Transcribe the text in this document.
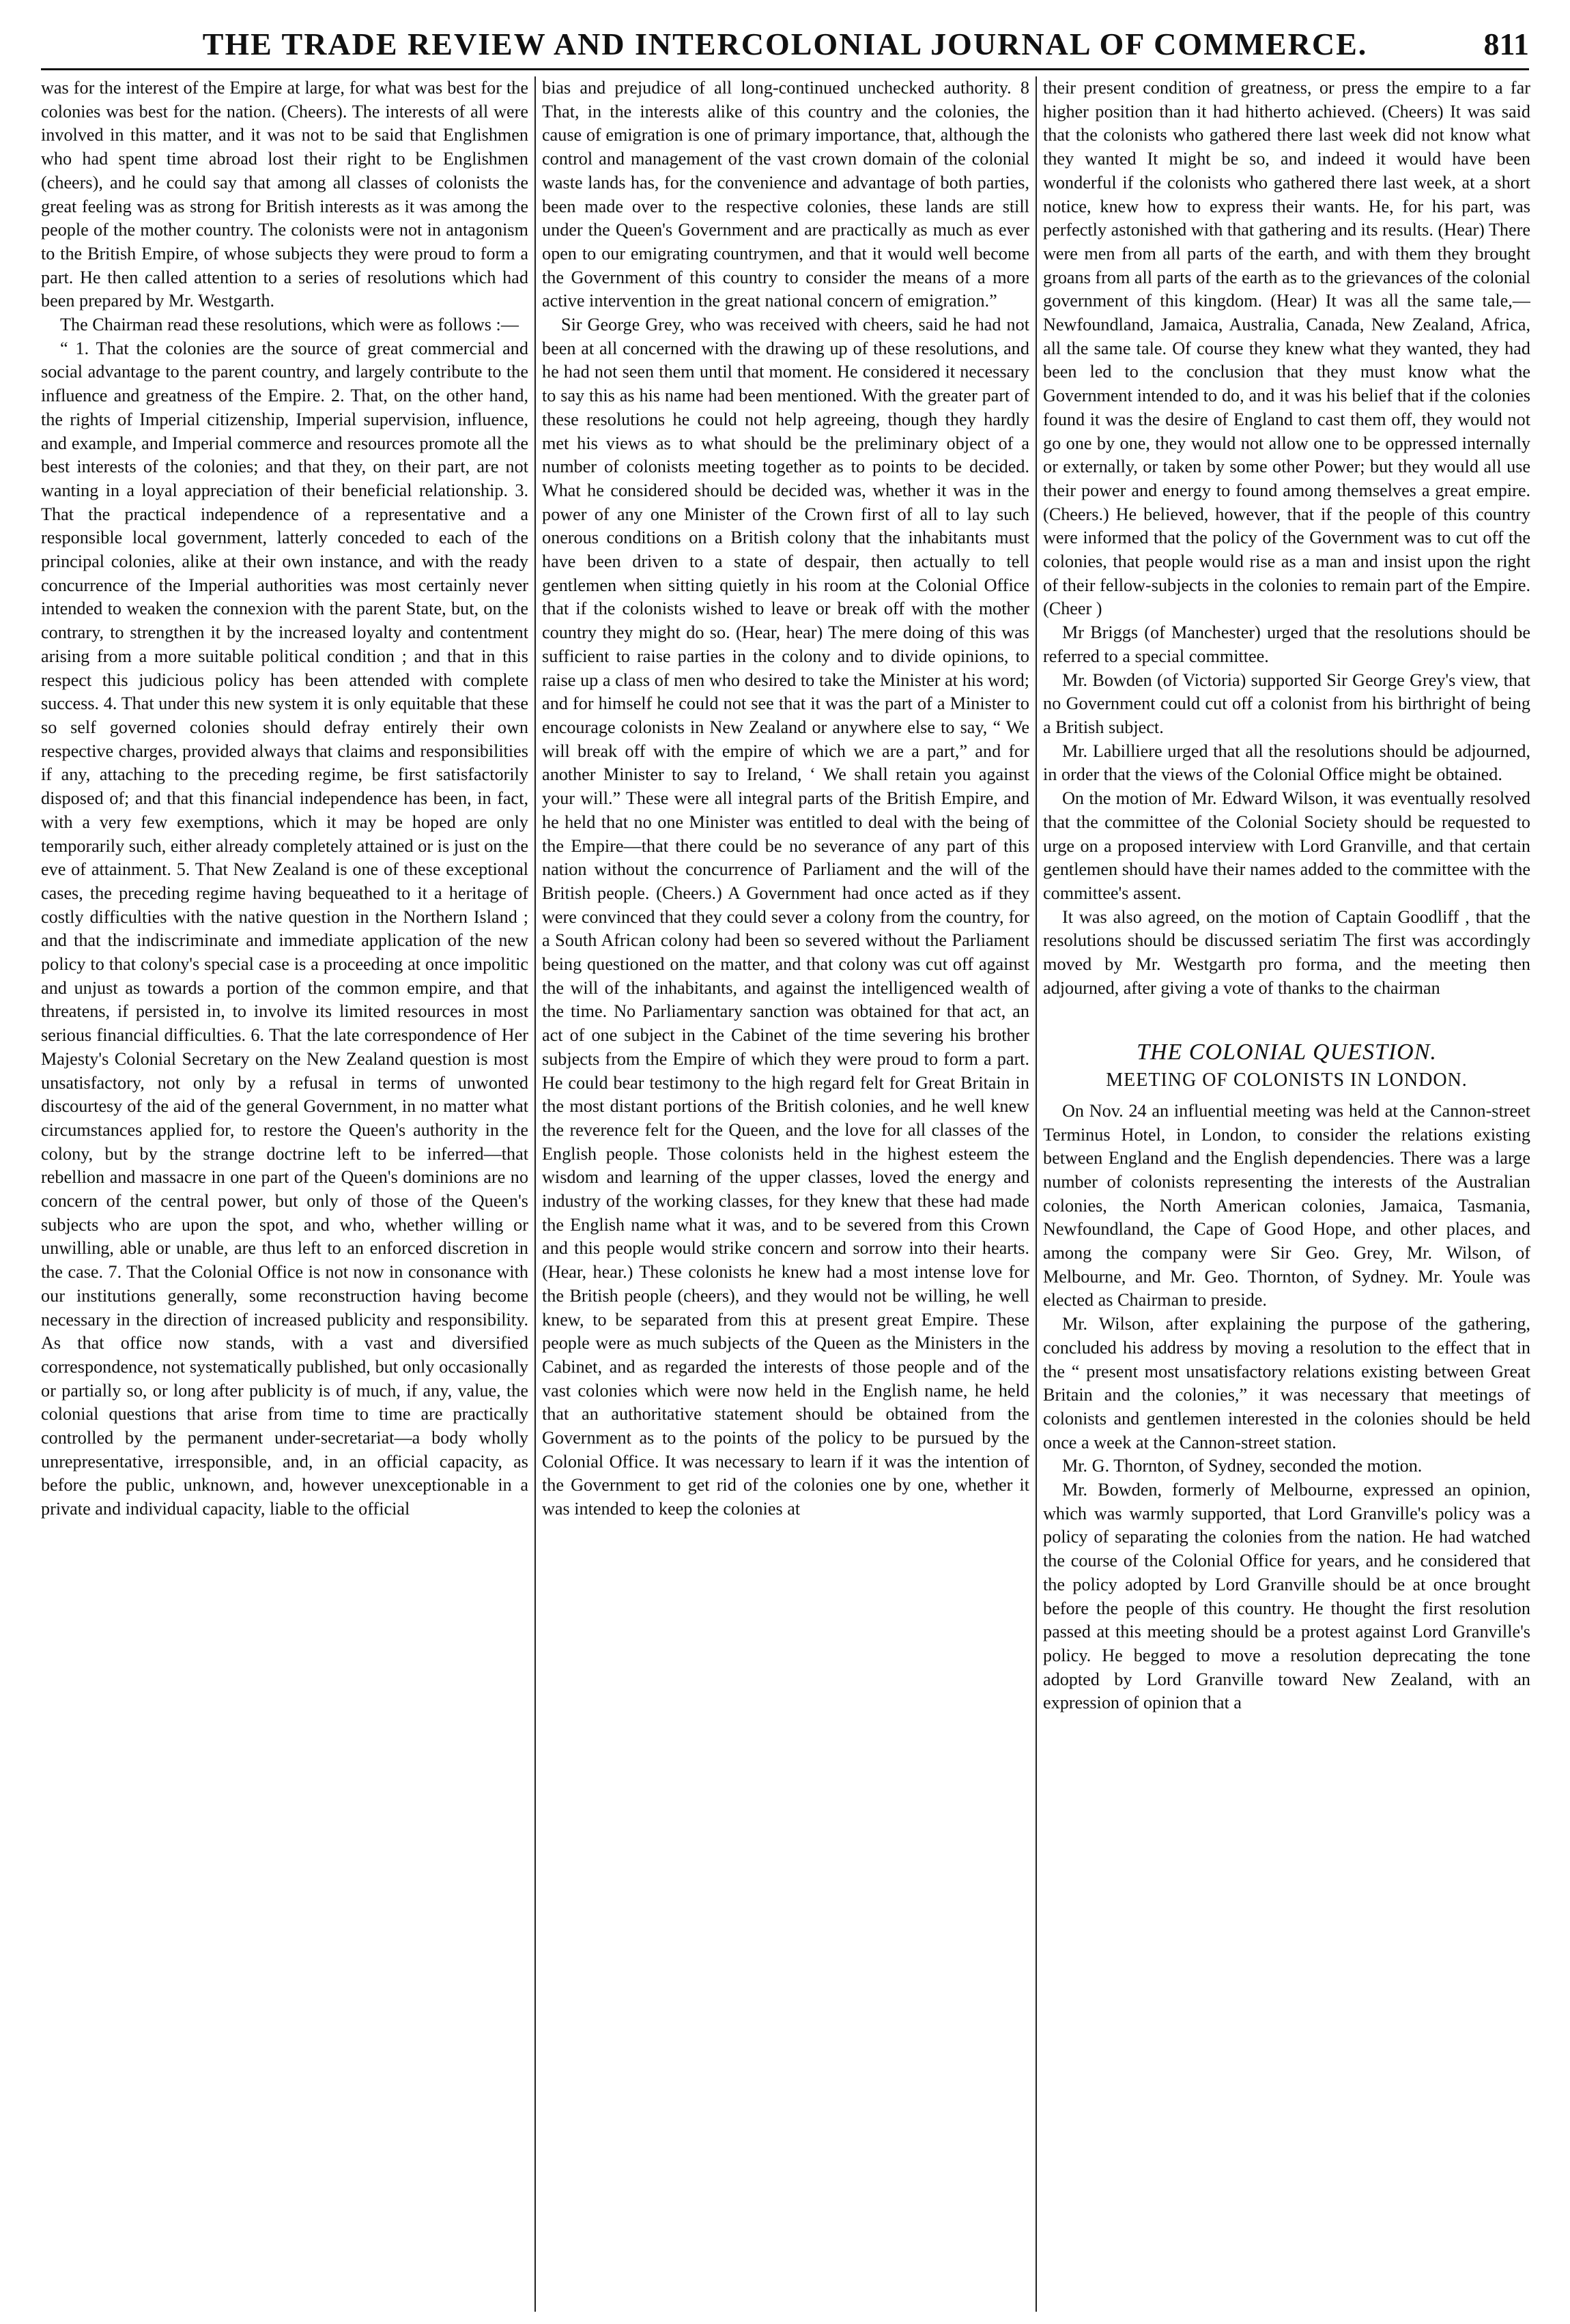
THE TRADE REVIEW AND INTERCOLONIAL JOURNAL OF COMMERCE.	811

was for the interest of the Empire at large, for what was best for the colonies was best for the nation. (Cheers). The interests of all were involved in this matter, and it was not to be said that Englishmen who had spent time abroad lost their right to be Englishmen (cheers), and he could say that among all classes of colonists the great feeling was as strong for British interests as it was among the people of the mother country. The colonists were not in antagonism to the British Empire, of whose subjects they were proud to form a part. He then called attention to a series of resolutions which had been prepared by Mr. Westgarth.

The Chairman read these resolutions, which were as follows :—

“ 1. That the colonies are the source of great commercial and social advantage to the parent country, and largely contribute to the influence and greatness of the Empire. 2. That, on the other hand, the rights of Imperial citizenship, Imperial supervision, influence, and example, and Imperial commerce and resources promote all the best interests of the colonies; and that they, on their part, are not wanting in a loyal appreciation of their beneficial relationship. 3. That the practical independence of a representative and a responsible local government, latterly conceded to each of the principal colonies, alike at their own instance, and with the ready concurrence of the Imperial authorities was most certainly never intended to weaken the connexion with the parent State, but, on the contrary, to strengthen it by the increased loyalty and contentment arising from a more suitable political condition ; and that in this respect this judicious policy has been attended with complete success. 4. That under this new system it is only equitable that these so self governed colonies should defray entirely their own respective charges, provided always that claims and responsibilities if any, attaching to the preceding regime, be first satisfactorily disposed of; and that this financial independence has been, in fact, with a very few exemptions, which it may be hoped are only temporarily such, either already completely attained or is just on the eve of attainment. 5. That New Zealand is one of these exceptional cases, the preceding regime having bequeathed to it a heritage of costly difficulties with the native question in the Northern Island ; and that the indiscriminate and immediate application of the new policy to that colony's special case is a proceeding at once impolitic and unjust as towards a portion of the common empire, and that threatens, if persisted in, to involve its limited resources in most serious financial difficulties. 6. That the late correspondence of Her Majesty's Colonial Secretary on the New Zealand question is most unsatisfactory, not only by a refusal in terms of unwonted discourtesy of the aid of the general Government, in no matter what circumstances applied for, to restore the Queen's authority in the colony, but by the strange doctrine left to be inferred—that rebellion and massacre in one part of the Queen's dominions are no concern of the central power, but only of those of the Queen's subjects who are upon the spot, and who, whether willing or unwilling, able or unable, are thus left to an enforced discretion in the case. 7. That the Colonial Office is not now in consonance with our institutions generally, some reconstruction having become necessary in the direction of increased publicity and responsibility. As that office now stands, with a vast and diversified correspondence, not systematically published, but only occasionally or partially so, or long after publicity is of much, if any, value, the colonial questions that arise from time to time are practically controlled by the permanent under-secretariat—a body wholly unrepresentative, irresponsible, and, in an official capacity, as before the public, unknown, and, however unexceptionable in a private and individual capacity, liable to the official

bias and prejudice of all long-continued unchecked authority. 8 That, in the interests alike of this country and the colonies, the cause of emigration is one of primary importance, that, although the control and management of the vast crown domain of the colonial waste lands has, for the convenience and advantage of both parties, been made over to the respective colonies, these lands are still under the Queen's Government and are practically as much as ever open to our emigrating countrymen, and that it would well become the Government of this country to consider the means of a more active intervention in the great national concern of emigration.”

Sir George Grey, who was received with cheers, said he had not been at all concerned with the drawing up of these resolutions, and he had not seen them until that moment. He considered it necessary to say this as his name had been mentioned. With the greater part of these resolutions he could not help agreeing, though they hardly met his views as to what should be the preliminary object of a number of colonists meeting together as to points to be decided. What he considered should be decided was, whether it was in the power of any one Minister of the Crown first of all to lay such onerous conditions on a British colony that the inhabitants must have been driven to a state of despair, then actually to tell gentlemen when sitting quietly in his room at the Colonial Office that if the colonists wished to leave or break off with the mother country they might do so. (Hear, hear) The mere doing of this was sufficient to raise parties in the colony and to divide opinions, to raise up a class of men who desired to take the Minister at his word; and for himself he could not see that it was the part of a Minister to encourage colonists in New Zealand or anywhere else to say, “ We will break off with the empire of which we are a part,” and for another Minister to say to Ireland, ‘ We shall retain you against your will.” These were all integral parts of the British Empire, and he held that no one Minister was entitled to deal with the being of the Empire—that there could be no severance of any part of this nation without the concurrence of Parliament and the will of the British people. (Cheers.) A Government had once acted as if they were convinced that they could sever a colony from the country, for a South African colony had been so severed without the Parliament being questioned on the matter, and that colony was cut off against the will of the inhabitants, and against the intelligenced wealth of the time. No Parliamentary sanction was obtained for that act, an act of one subject in the Cabinet of the time severing his brother subjects from the Empire of which they were proud to form a part. He could bear testimony to the high regard felt for Great Britain in the most distant portions of the British colonies, and he well knew the reverence felt for the Queen, and the love for all classes of the English people. Those colonists held in the highest esteem the wisdom and learning of the upper classes, loved the energy and industry of the working classes, for they knew that these had made the English name what it was, and to be severed from this Crown and this people would strike concern and sorrow into their hearts. (Hear, hear.) These colonists he knew had a most intense love for the British people (cheers), and they would not be willing, he well knew, to be separated from this at present great Empire. These people were as much subjects of the Queen as the Ministers in the Cabinet, and as regarded the interests of those people and of the vast colonies which were now held in the English name, he held that an authoritative statement should be obtained from the Government as to the points of the policy to be pursued by the Colonial Office. It was necessary to learn if it was the intention of the Government to get rid of the colonies one by one, whether it was intended to keep the colonies at

their present condition of greatness, or press the empire to a far higher position than it had hitherto achieved. (Cheers) It was said that the colonists who gathered there last week did not know what they wanted It might be so, and indeed it would have been wonderful if the colonists who gathered there last week, at a short notice, knew how to express their wants. He, for his part, was perfectly astonished with that gathering and its results. (Hear) There were men from all parts of the earth, and with them they brought groans from all parts of the earth as to the grievances of the colonial government of this kingdom. (Hear) It was all the same tale,—Newfoundland, Jamaica, Australia, Canada, New Zealand, Africa, all the same tale. Of course they knew what they wanted, they had been led to the conclusion that they must know what the Government intended to do, and it was his belief that if the colonies found it was the desire of England to cast them off, they would not go one by one, they would not allow one to be oppressed internally or externally, or taken by some other Power; but they would all use their power and energy to found among themselves a great empire. (Cheers.) He believed, however, that if the people of this country were informed that the policy of the Government was to cut off the colonies, that people would rise as a man and insist upon the right of their fellow-subjects in the colonies to remain part of the Empire. (Cheer )

Mr Briggs (of Manchester) urged that the resolutions should be referred to a special committee.

Mr. Bowden (of Victoria) supported Sir George Grey's view, that no Government could cut off a colonist from his birthright of being a British subject.

Mr. Labilliere urged that all the resolutions should be adjourned, in order that the views of the Colonial Office might be obtained.

On the motion of Mr. Edward Wilson, it was eventually resolved that the committee of the Colonial Society should be requested to urge on a proposed interview with Lord Granville, and that certain gentlemen should have their names added to the committee with the committee's assent.

It was also agreed, on the motion of Captain Goodliff , that the resolutions should be discussed seriatim The first was accordingly moved by Mr. Westgarth pro forma, and the meeting then adjourned, after giving a vote of thanks to the chairman

THE COLONIAL QUESTION.
MEETING OF COLONISTS IN LONDON.

On Nov. 24 an influential meeting was held at the Cannon-street Terminus Hotel, in London, to consider the relations existing between England and the English dependencies. There was a large number of colonists representing the interests of the Australian colonies, the North American colonies, Jamaica, Tasmania, Newfoundland, the Cape of Good Hope, and other places, and among the company were Sir Geo. Grey, Mr. Wilson, of Melbourne, and Mr. Geo. Thornton, of Sydney. Mr. Youle was elected as Chairman to preside.

Mr. Wilson, after explaining the purpose of the gathering, concluded his address by moving a resolution to the effect that in the “ present most unsatisfactory relations existing between Great Britain and the colonies,” it was necessary that meetings of colonists and gentlemen interested in the colonies should be held once a week at the Cannon-street station.

Mr. G. Thornton, of Sydney, seconded the motion.

Mr. Bowden, formerly of Melbourne, expressed an opinion, which was warmly supported, that Lord Granville's policy was a policy of separating the colonies from the nation. He had watched the course of the Colonial Office for years, and he considered that the policy adopted by Lord Granville should be at once brought before the people of this country. He thought the first resolution passed at this meeting should be a protest against Lord Granville's policy. He begged to move a resolution deprecating the tone adopted by Lord Granville toward New Zealand, with an expression of opinion that a
